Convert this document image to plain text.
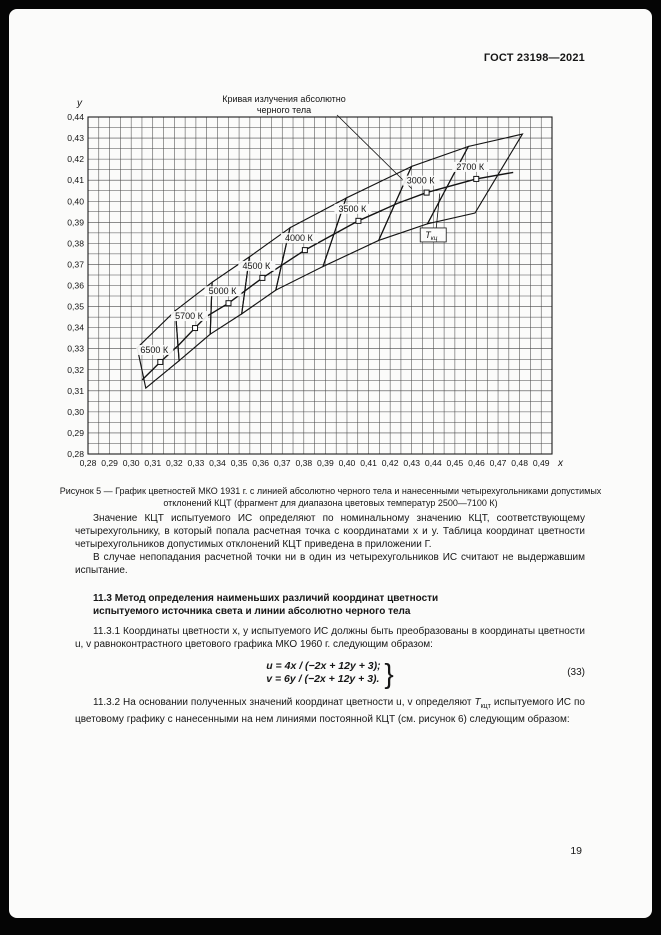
ГОСТ 23198—2021
0,28 0,29 0,30 0,31 0,32 0,33 0,34 0,35 0,36 0,37 0,38 0,39 0,40 0,41 0,42 0,43 0,44 0,45 0,46 0,47 0,48 0,49
0,44
0,43
0,42
0,41
0,40
0,39
0,38
0,37
0,36
0,35
0,34
0,33
0,32
0,31
0,30
0,29
0,28
x
y	Кривая излучения абсолютно
черного тела
$Т_{кц}$
2700 К
3000 К
3500 К
4000 К
4500 К
5000 К
5700 К
6500 К
Рисунок 5 — График цветностей МКО 1931 г. с линией абсолютно черного тела и нанесенными четырехугольниками допустимых отклонений КЦТ (фрагмент для диапазона цветовых температур 2500—7100 К)

Значение КЦТ испытуемого ИС определяют по номинальному значению КЦТ, соответствующему четырехугольнику, в который попала расчетная точка с координатами x и y. Таблица координат цветности четырехугольников допустимых отклонений КЦТ приведена в приложении Г.

В случае непопадания расчетной точки ни в один из четырехугольников ИС считают не выдержавшим испытание.

11.3 Метод определения наименьших различий координат цветности
испытуемого источника света и линии абсолютно черного тела

11.3.1 Координаты цветности x, y испытуемого ИС должны быть преобразованы в координаты цветности u, v равноконтрастного цветового графика МКО 1960 г. следующим образом:

u = 4x / (−2x + 12y + 3);
v = 6y / (−2x + 12y + 3). }	(33)

11.3.2 На основании полученных значений координат цветности u, v определяют $Т_{кцт}$ испытуемого ИС по цветовому графику с нанесенными на нем линиями постоянной КЦТ (см. рисунок 6) следующим образом:

19
